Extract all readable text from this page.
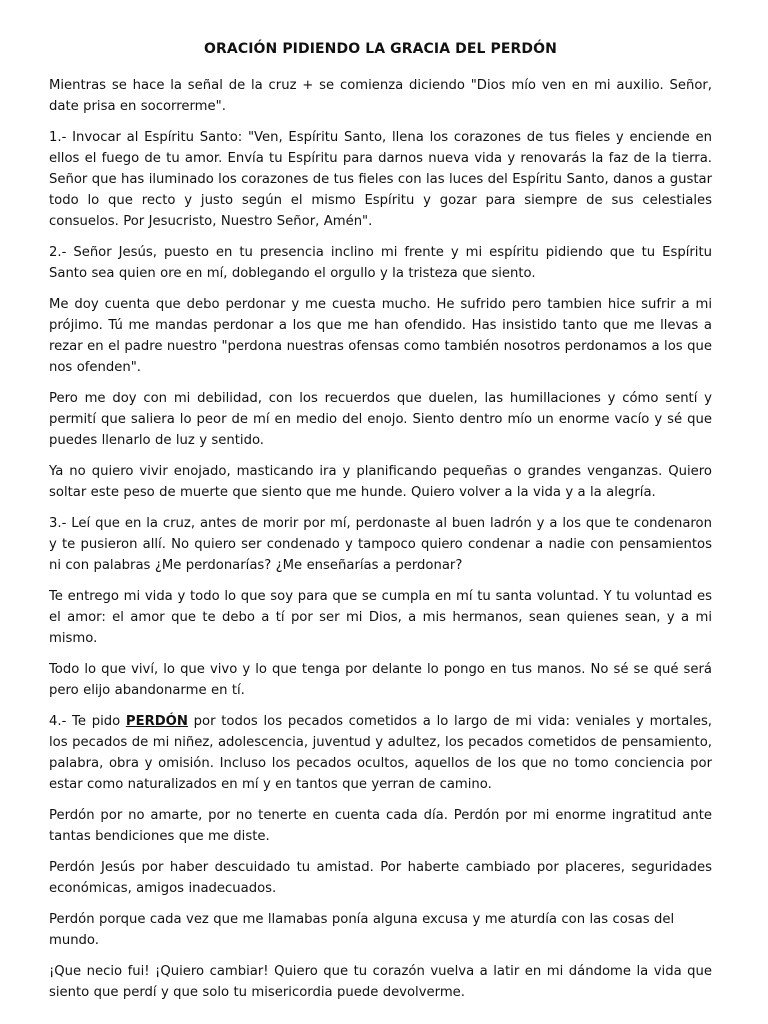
ORACIÓN PIDIENDO LA GRACIA DEL PERDÓN

Mientras se hace la señal de la cruz + se comienza diciendo "Dios mío ven en mi auxilio. Señor, date prisa en socorrerme".

1.- Invocar al Espíritu Santo: "Ven, Espíritu Santo, llena los corazones de tus fieles y enciende en ellos el fuego de tu amor. Envía tu Espíritu para darnos nueva vida y renovarás la faz de la tierra. Señor que has iluminado los corazones de tus fieles con las luces del Espíritu Santo, danos a gustar todo lo que recto y justo según el mismo Espíritu y gozar para siempre de sus celestiales consuelos. Por Jesucristo, Nuestro Señor, Amén".

2.- Señor Jesús, puesto en tu presencia inclino mi frente y mi espíritu pidiendo que tu Espíritu Santo sea quien ore en mí, doblegando el orgullo y la tristeza que siento.

Me doy cuenta que debo perdonar y me cuesta mucho. He sufrido pero tambien hice sufrir a mi prójimo. Tú me mandas perdonar a los que me han ofendido. Has insistido tanto que me llevas a rezar en el padre nuestro "perdona nuestras ofensas como también nosotros perdonamos a los que nos ofenden".

Pero me doy con mi debilidad, con los recuerdos que duelen, las humillaciones y cómo sentí y permití que saliera lo peor de mí en medio del enojo. Siento dentro mío un enorme vacío y sé que puedes llenarlo de luz y sentido.

Ya no quiero vivir enojado, masticando ira y planificando pequeñas o grandes venganzas. Quiero soltar este peso de muerte que siento que me hunde. Quiero volver a la vida y a la alegría.

3.- Leí que en la cruz, antes de morir por mí, perdonaste al buen ladrón y a los que te condenaron y te pusieron allí. No quiero ser condenado y tampoco quiero condenar a nadie con pensamientos ni con palabras ¿Me perdonarías? ¿Me enseñarías a perdonar?

Te entrego mi vida y todo lo que soy para que se cumpla en mí tu santa voluntad. Y tu voluntad es el amor: el amor que te debo a tí por ser mi Dios, a mis hermanos, sean quienes sean, y a mi mismo.

Todo lo que viví, lo que vivo y lo que tenga por delante lo pongo en tus manos. No sé se qué será pero elijo abandonarme en tí.

4.- Te pido PERDÓN por todos los pecados cometidos a lo largo de mi vida: veniales y mortales, los pecados de mi niñez, adolescencia, juventud y adultez, los pecados cometidos de pensamiento, palabra, obra y omisión. Incluso los pecados ocultos, aquellos de los que no tomo conciencia por estar como naturalizados en mí y en tantos que yerran de camino.

Perdón por no amarte, por no tenerte en cuenta cada día. Perdón por mi enorme ingratitud ante tantas bendiciones que me diste.

Perdón Jesús por haber descuidado tu amistad. Por haberte cambiado por placeres, seguridades económicas, amigos inadecuados.

Perdón porque cada vez que me llamabas ponía alguna excusa y me aturdía con las cosas del mundo.

¡Que necio fui! ¡Quiero cambiar! Quiero que tu corazón vuelva a latir en mi dándome la vida que siento que perdí y que solo tu misericordia puede devolverme.
